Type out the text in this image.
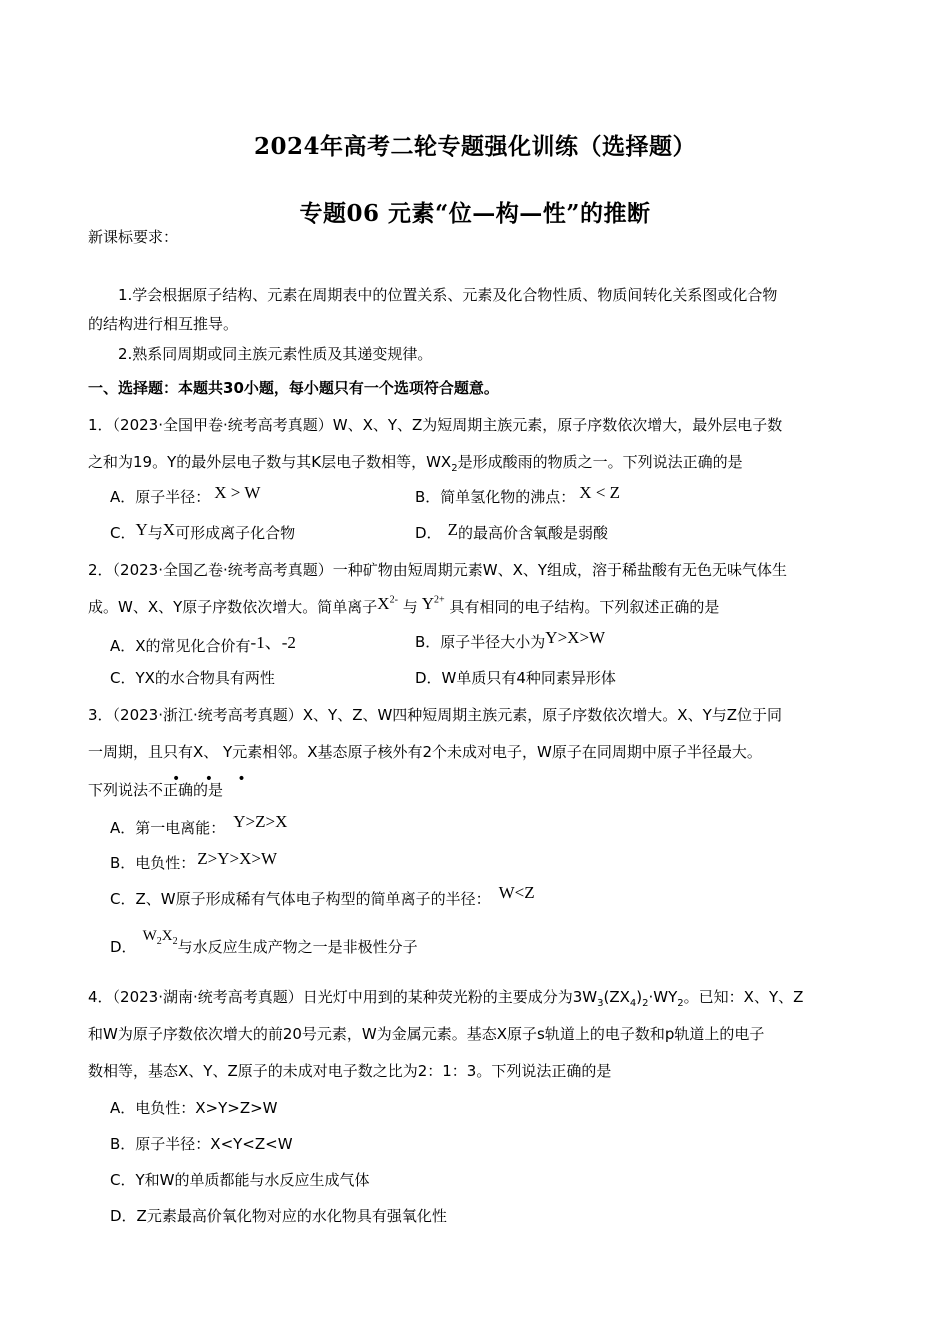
2024年高考二轮专题强化训练（选择题）
专题06 元素“位—构—性”的推断
新课标要求：
1.学会根据原子结构、元素在周期表中的位置关系、元素及化合物性质、物质间转化关系图或化合物
的结构进行相互推导。
2.熟系同周期或同主族元素性质及其递变规律。
一、选择题：本题共30小题，每小题只有一个选项符合题意。
1．（2023·全国甲卷·统考高考真题）W、X、Y、Z为短周期主族元素，原子序数依次增大，最外层电子数
之和为19。Y的最外层电子数与其K层电子数相等，$WX_2$是形成酸雨的物质之一。下列说法正确的是
A．原子半径： X > W	B．简单氢化物的沸点： X < Z
C．Y与X可形成离子化合物	D． Z的最高价含氧酸是弱酸
2．（2023·全国乙卷·统考高考真题）一种矿物由短周期元素W、X、Y组成，溶于稀盐酸有无色无味气体生
成。W、X、Y原子序数依次增大。简单离子$X^{2-}$ 与 $Y^{2+}$ 具有相同的电子结构。下列叙述正确的是
A．X的常见化合价有-1、-2	B．原子半径大小为Y>X>W
C．YX的水合物具有两性	D．W单质只有4种同素异形体
3．（2023·浙江·统考高考真题）X、Y、Z、W四种短周期主族元素，原子序数依次增大。X、Y与Z位于同
一周期，且只有X、 Y元素相邻。X基态原子核外有2个未成对电子，W原子在同周期中原子半径最大。
• • •
下列说法不正确的是
A．第一电离能： Y>Z>X
B．电负性： Z>Y>X>W
C．Z、W原子形成稀有气体电子构型的简单离子的半径： W<Z
D．$W_2X_2$与水反应生成产物之一是非极性分子
4．（2023·湖南·统考高考真题）日光灯中用到的某种荧光粉的主要成分为$3W_3(ZX_4)_2\cdot WY_2$。已知：X、Y、Z
和W为原子序数依次增大的前20号元素，W为金属元素。基态X原子s轨道上的电子数和p轨道上的电子
数相等，基态X、Y、Z原子的未成对电子数之比为2：1：3。下列说法正确的是
A．电负性：X>Y>Z>W
B．原子半径：X<Y<Z<W
C．Y和W的单质都能与水反应生成气体
D．Z元素最高价氧化物对应的水化物具有强氧化性
